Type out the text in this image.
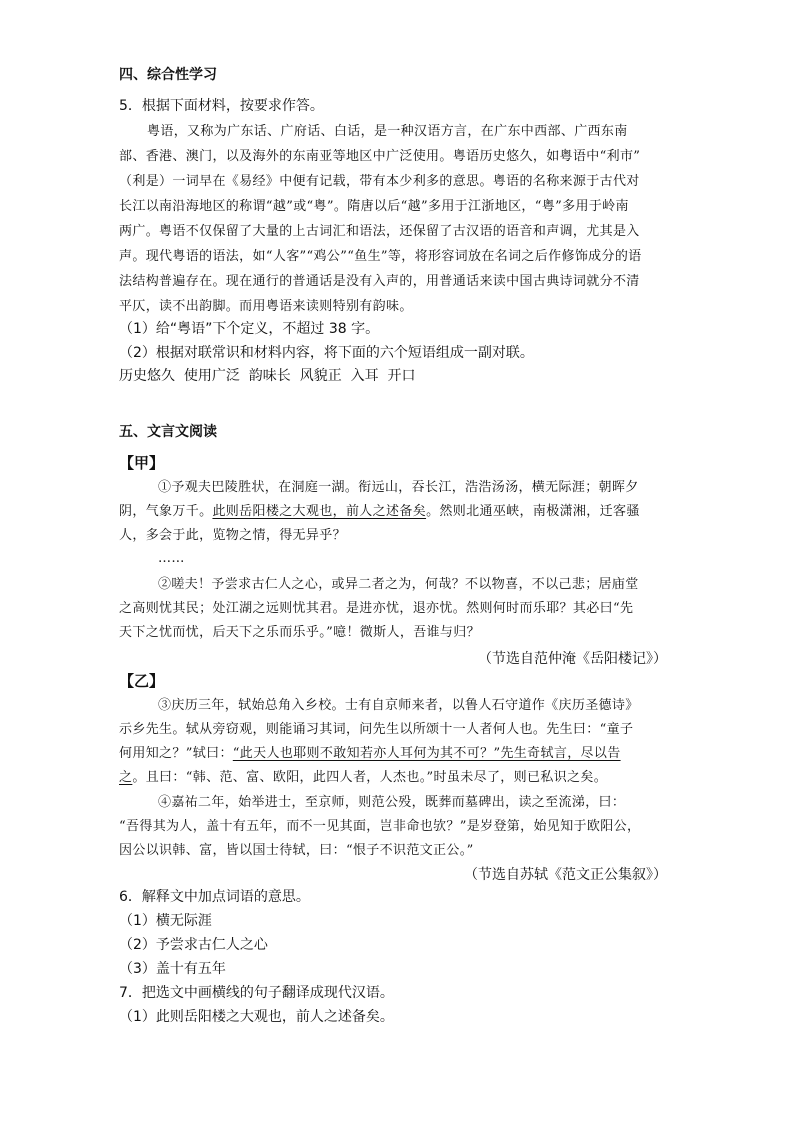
四、综合性学习
5．根据下面材料，按要求作答。
粤语，又称为广东话、广府话、白话，是一种汉语方言，在广东中西部、广西东南
部、香港、澳门，以及海外的东南亚等地区中广泛使用。粤语历史悠久，如粤语中“利市”
（利是）一词早在《易经》中便有记载，带有本少利多的意思。粤语的名称来源于古代对
长江以南沿海地区的称谓“越”或“粤”。隋唐以后“越”多用于江浙地区，“粤”多用于岭南
两广。粤语不仅保留了大量的上古词汇和语法，还保留了古汉语的语音和声调，尤其是入
声。现代粤语的语法，如“人客”“鸡公”“鱼生”等，将形容词放在名词之后作修饰成分的语
法结构普遍存在。现在通行的普通话是没有入声的，用普通话来读中国古典诗词就分不清
平仄，读不出韵脚。而用粤语来读则特别有韵味。
（1）给“粤语”下个定义，不超过 38 字。
（2）根据对联常识和材料内容，将下面的六个短语组成一副对联。
历史悠久  使用广泛  韵味长  风貌正  入耳  开口
五、文言文阅读
【甲】
①予观夫巴陵胜状，在洞庭一湖。衔远山，吞长江，浩浩汤汤，横无际涯；朝晖夕
阴，气象万千。此则岳阳楼之大观也，前人之述备矣。然则北通巫峡，南极潇湘，迁客骚
人，多会于此，览物之情，得无异乎？
……
②嗟夫！予尝求古仁人之心，或异二者之为，何哉？不以物喜，不以己悲；居庙堂
之高则忧其民；处江湖之远则忧其君。是进亦忧，退亦忧。然则何时而乐耶？其必曰“先
天下之忧而忧，后天下之乐而乐乎。”噫！微斯人，吾谁与归？
（节选自范仲淹《岳阳楼记》）
【乙】
③庆历三年，轼始总角入乡校。士有自京师来者，以鲁人石守道作《庆历圣德诗》
示乡先生。轼从旁窃观，则能诵习其词，问先生以所颂十一人者何人也。先生曰：“童子
何用知之？”轼曰：“此天人也耶则不敢知若亦人耳何为其不可？”先生奇轼言，尽以告
之。且曰：“韩、范、富、欧阳，此四人者，人杰也。”时虽未尽了，则已私识之矣。
④嘉祐二年，始举进士，至京师，则范公殁，既葬而墓碑出，读之至流涕，曰：
“吾得其为人，盖十有五年，而不一见其面，岂非命也欤？”是岁登第，始见知于欧阳公，
因公以识韩、富，皆以国士待轼，曰：“恨子不识范文正公。”
（节选自苏轼《范文正公集叙》）
6．解释文中加点词语的意思。
（1）横无际涯
（2）予尝求古仁人之心
（3）盖十有五年
7．把选文中画横线的句子翻译成现代汉语。
（1）此则岳阳楼之大观也，前人之述备矣。
